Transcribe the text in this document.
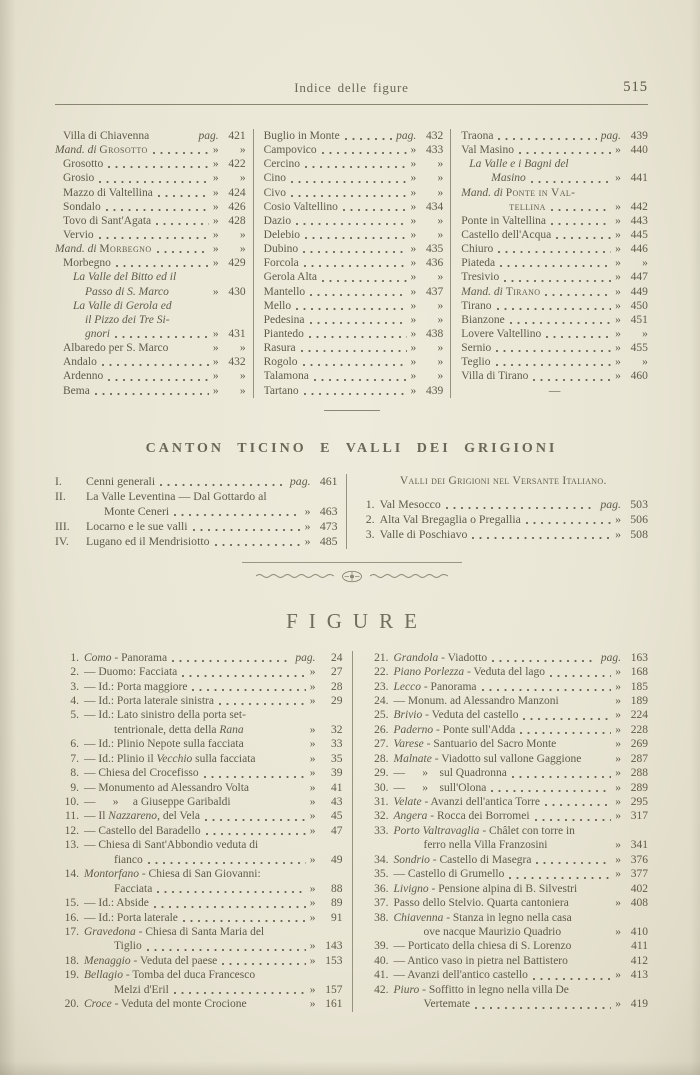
Indice delle figure	515
Villa di Chiavenna	pag. 421
Mand. di Grosotto	»	»
Grosotto	» 422
Grosio	»	»
Mazzo di Valtellina	» 424
Sondalo	» 426
Tovo di Sant'Agata	» 428
Vervio	»	»
Mand. di Morbegno	»	»
Morbegno	» 429
La Valle del Bitto ed il
Passo di S. Marco	» 430
La Valle di Gerola ed
il Pizzo dei Tre Si-
gnori	» 431
Albaredo per S. Marco	»	»
Andalo	» 432
Ardenno	»	»
Bema	»	»
Buglio in Monte	pag. 432
Campovico	» 433
Cercino	»	»
Cino	»	»
Civo	»	»
Cosio Valtellino	» 434
Dazio	»	»
Delebio	»	»
Dubino	» 435
Forcola	» 436
Gerola Alta	»	»
Mantello	» 437
Mello	»	»
Pedesina	»	»
Piantedo	» 438
Rasura	»	»
Rogolo	»	»
Talamona	»	»
Tartano	» 439
Traona	pag. 439
Val Masino	» 440
La Valle e i Bagni del
Masino	» 441
Mand. di Ponte in Val-
tellina	» 442
Ponte in Valtellina	» 443
Castello dell'Acqua	» 445
Chiuro	» 446
Piateda	»	»
Tresivio	» 447
Mand. di Tirano	» 449
Tirano	» 450
Bianzone	» 451
Lovere Valtellino	»	»
Sernio	» 455
Teglio	»	»
Villa di Tirano	» 460
—
CANTON TICINO E VALLI DEI GRIGIONI
I.	Cenni generali	pag. 461
II.	La Valle Leventina — Dal Gottardo al
Monte Ceneri	» 463
III.	Locarno e le sue valli	» 473
IV.	Lugano ed il Mendrisiotto	» 485
Valli dei Grigioni nel Versante Italiano.
1. Val Mesocco	pag. 503
2. Alta Val Bregaglia o Pregallia	» 506
3. Valle di Poschiavo	» 508
FIGURE
1. Como - Panorama	pag.	24
2. — Duomo: Facciata	»	27
3. — Id.: Porta maggiore	»	28
4. — Id.: Porta laterale sinistra	»	29
5. — Id.: Lato sinistro della porta set-
tentrionale, detta della Rana	»	32
6. — Id.: Plinio Nepote sulla facciata	»	33
7. — Id.: Plinio il Vecchio sulla facciata	»	35
8. — Chiesa del Crocefisso	»	39
9. — Monumento ad Alessandro Volta	»	41
10. —      »     a Giuseppe Garibaldi	»	43
11. — Il Nazzareno, del Vela	»	45
12. — Castello del Baradello	»	47
13. — Chiesa di Sant'Abbondio veduta di
fianco	»	49
14. Montorfano - Chiesa di San Giovanni:
Facciata	»	88
15. — Id.: Abside	»	89
16. — Id.: Porta laterale	»	91
17. Gravedona - Chiesa di Santa Maria del
Tiglio	» 143
18. Menaggio - Veduta del paese	» 153
19. Bellagio - Tomba del duca Francesco
Melzi d'Eril	» 157
20. Croce - Veduta del monte Crocione	» 161
21. Grandola - Viadotto	pag. 163
22. Piano Porlezza - Veduta del lago	» 168
23. Lecco - Panorama	» 185
24. — Monum. ad Alessandro Manzoni	» 189
25. Brivio - Veduta del castello	» 224
26. Paderno - Ponte sull'Adda	» 228
27. Varese - Santuario del Sacro Monte	» 269
28. Malnate - Viadotto sul vallone Gaggione	» 287
29. —      »    sul Quadronna	» 288
30. —      »    sull'Olona	» 289
31. Velate - Avanzi dell'antica Torre	» 295
32. Angera - Rocca dei Borromei	» 317
33. Porto Valtravaglia - Châlet con torre in
ferro nella Villa Franzosini	» 341
34. Sondrio - Castello di Masegra	» 376
35. — Castello di Grumello	» 377
36. Livigno - Pensione alpina di B. Silvestri	402
37. Passo dello Stelvio. Quarta cantoniera	» 408
38. Chiavenna - Stanza in legno nella casa
ove nacque Maurizio Quadrio	» 410
39. — Porticato della chiesa di S. Lorenzo	411
40. — Antico vaso in pietra nel Battistero	412
41. — Avanzi dell'antico castello	» 413
42. Piuro - Soffitto in legno nella villa De
Vertemate	» 419
